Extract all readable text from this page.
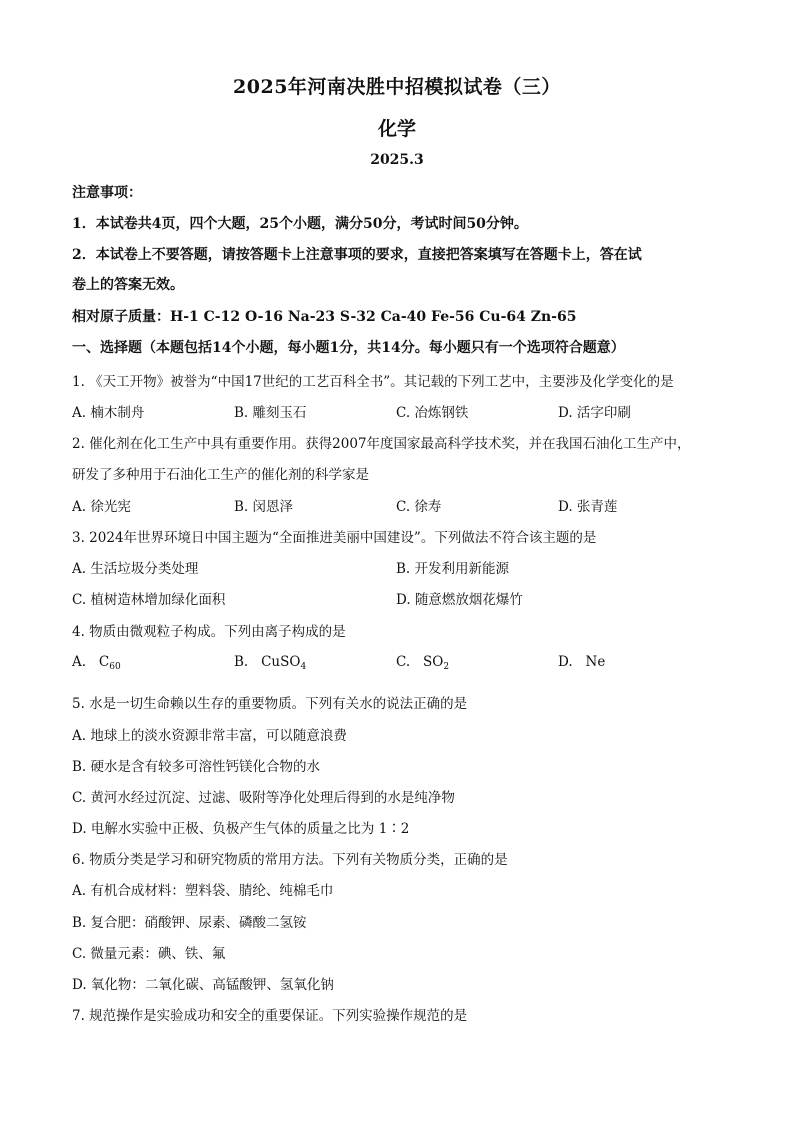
2025年河南决胜中招模拟试卷（三）
化学
2025.3
注意事项：
1．本试卷共4页，四个大题，25个小题，满分50分，考试时间50分钟。
2．本试卷上不要答题，请按答题卡上注意事项的要求，直接把答案填写在答题卡上，答在试
卷上的答案无效。
相对原子质量：H-1 C-12 O-16 Na-23 S-32 Ca-40 Fe-56 Cu-64 Zn-65
一、选择题（本题包括14个小题，每小题1分，共14分。每小题只有一个选项符合题意）
1. 《天工开物》被誉为“中国17世纪的工艺百科全书”。其记载的下列工艺中，主要涉及化学变化的是
A. 楠木制舟	B. 雕刻玉石	C. 冶炼钢铁	D. 活字印刷
2. 催化剂在化工生产中具有重要作用。获得2007年度国家最高科学技术奖，并在我国石油化工生产中，
研发了多种用于石油化工生产的催化剂的科学家是
A. 徐光宪	B. 闵恩泽	C. 徐寿	D. 张青莲
3. 2024年世界环境日中国主题为“全面推进美丽中国建设”。下列做法不符合该主题的是
A. 生活垃圾分类处理	B. 开发利用新能源
C. 植树造林增加绿化面积	D. 随意燃放烟花爆竹
4. 物质由微观粒子构成。下列由离子构成的是
A. $C_{60}$	B. CuSO$_4$	C. $SO_2$	D. Ne
5. 水是一切生命赖以生存的重要物质。下列有关水的说法正确的是
A. 地球上的淡水资源非常丰富，可以随意浪费
B. 硬水是含有较多可溶性钙镁化合物的水
C. 黄河水经过沉淀、过滤、吸附等净化处理后得到的水是纯净物
D. 电解水实验中正极、负极产生气体的质量之比为 1∶2
6. 物质分类是学习和研究物质的常用方法。下列有关物质分类，正确的是
A. 有机合成材料：塑料袋、腈纶、纯棉毛巾
B. 复合肥：硝酸钾、尿素、磷酸二氢铵
C. 微量元素：碘、铁、氟
D. 氧化物：二氧化碳、高锰酸钾、氢氧化钠
7. 规范操作是实验成功和安全的重要保证。下列实验操作规范的是
